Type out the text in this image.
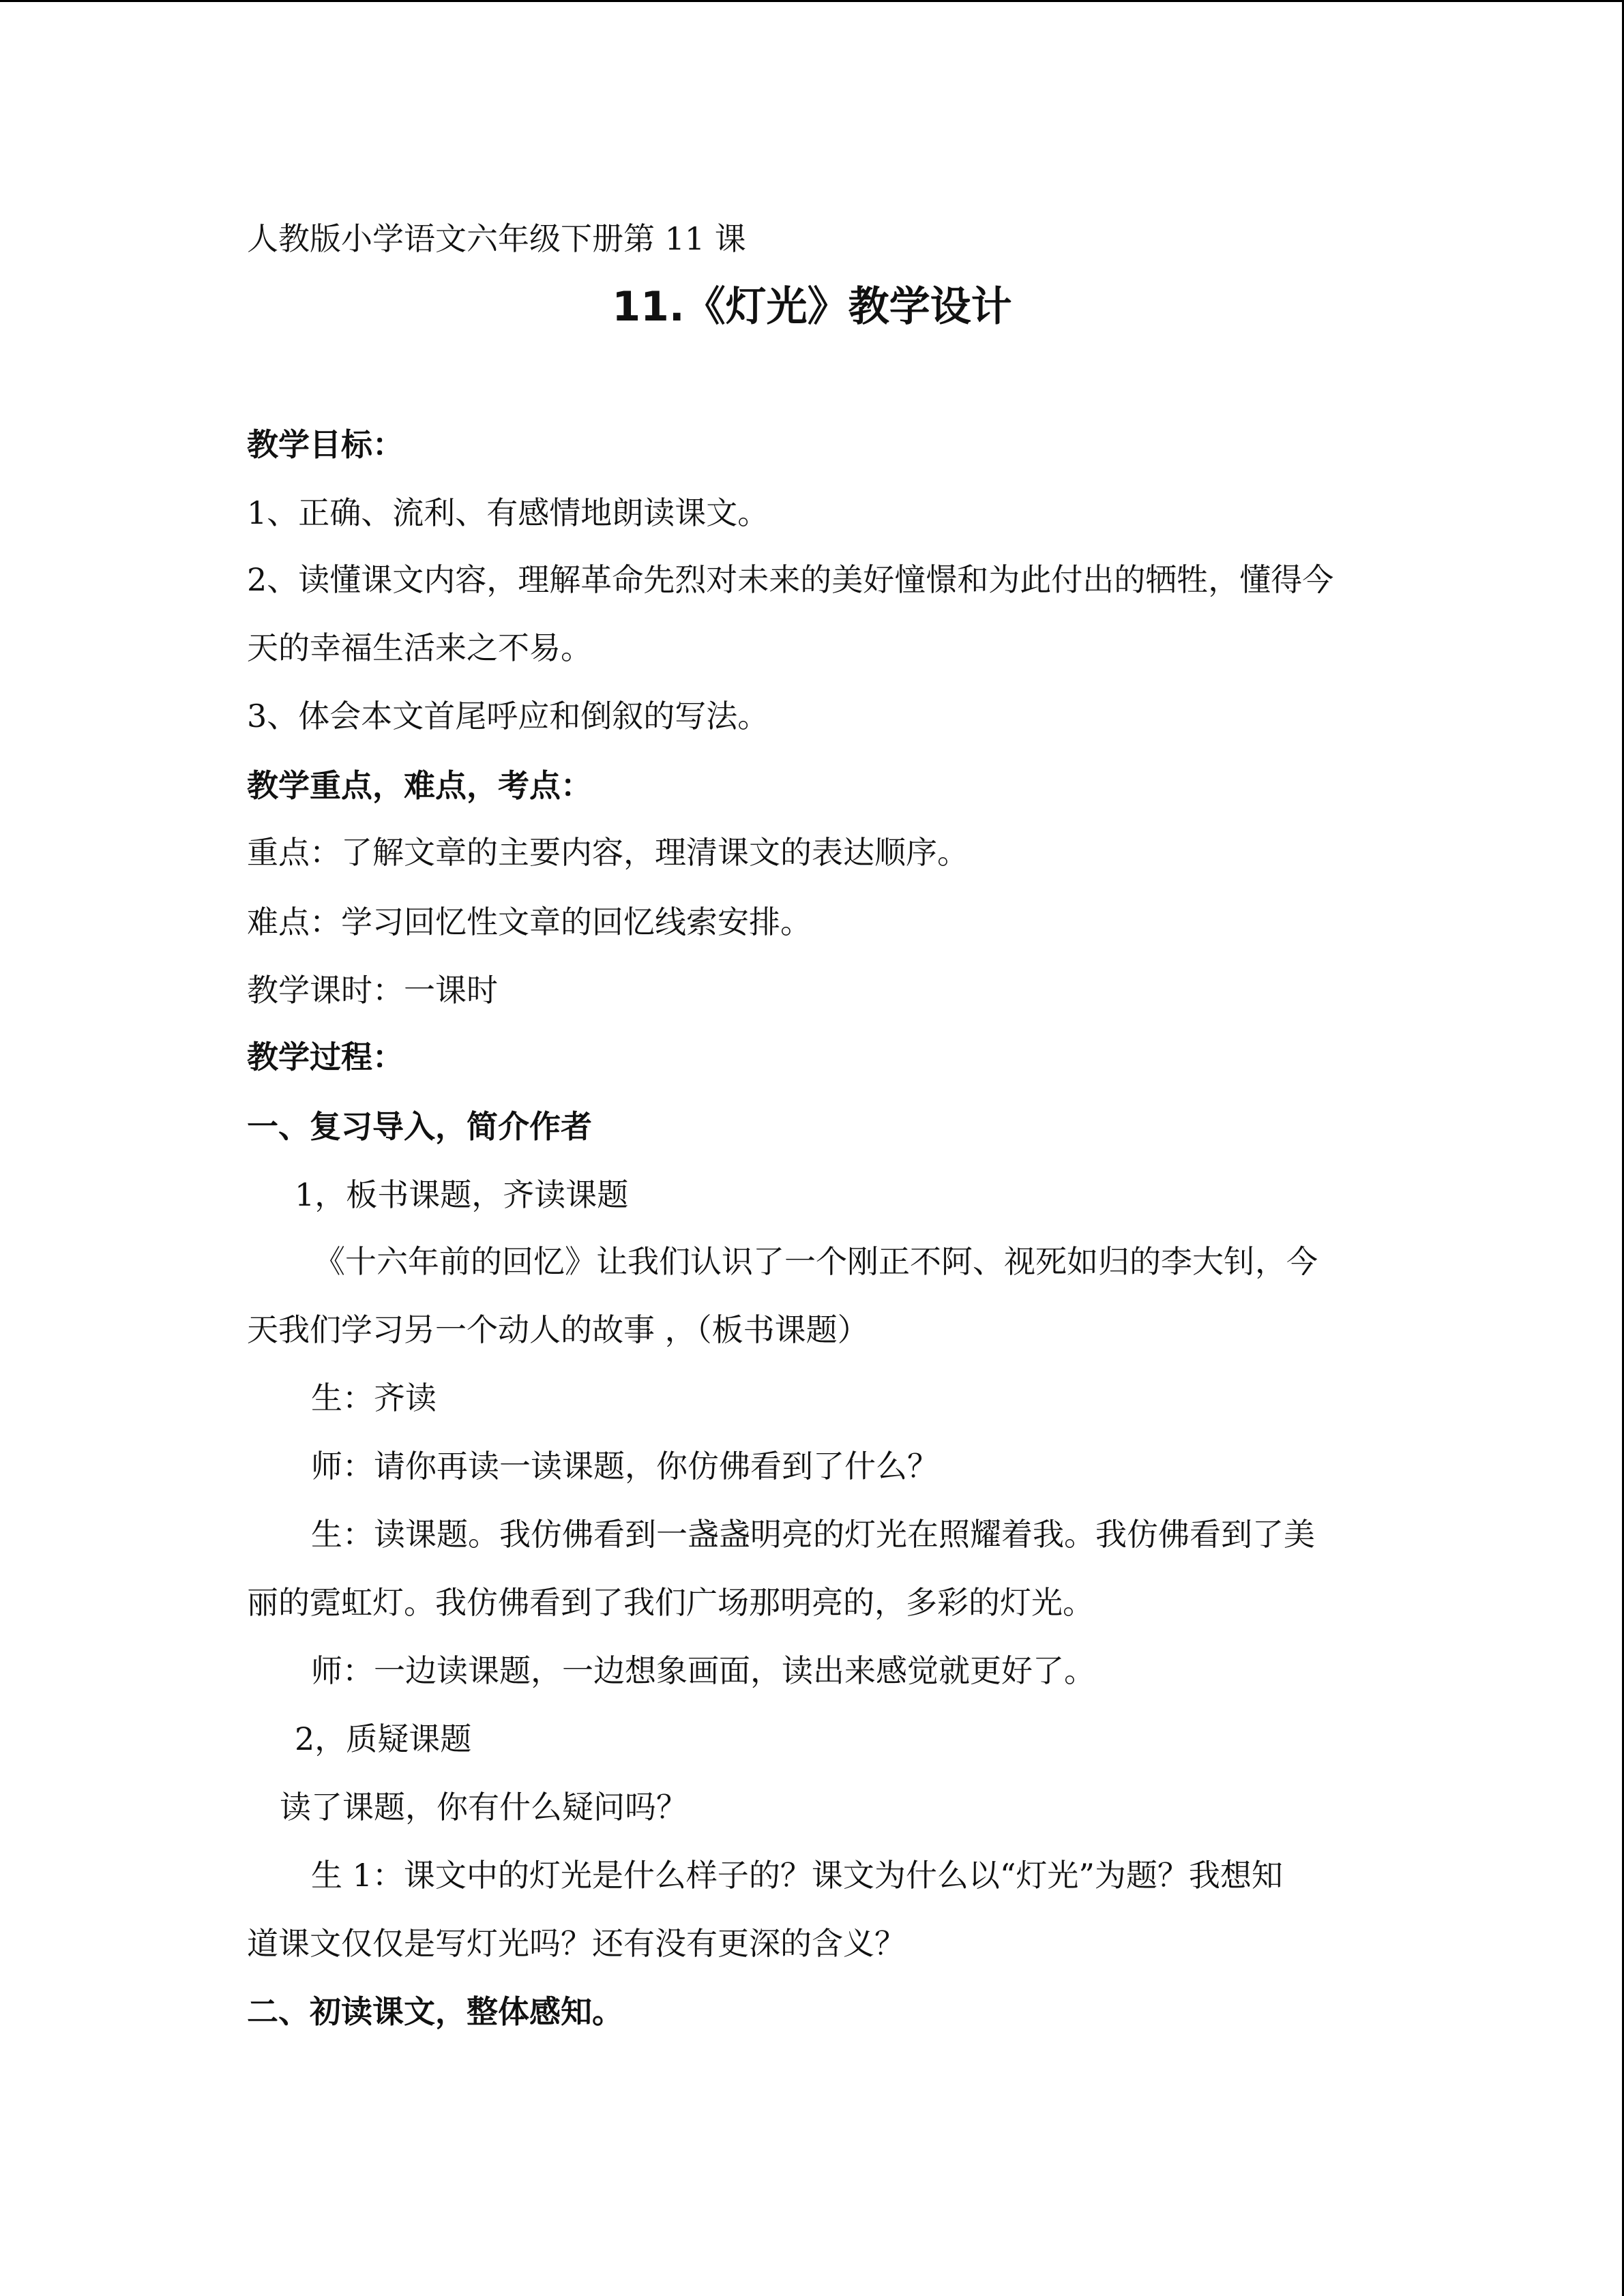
人教版小学语文六年级下册第 11 课
11.《灯光》教学设计
教学目标：
1、正确、流利、有感情地朗读课文。
2、读懂课文内容，理解革命先烈对未来的美好憧憬和为此付出的牺牲，懂得今
天的幸福生活来之不易。
3、体会本文首尾呼应和倒叙的写法。
教学重点，难点，考点：
重点：了解文章的主要内容，理清课文的表达顺序。
难点：学习回忆性文章的回忆线索安排。
教学课时：一课时
教学过程：
一、复习导入，简介作者
1，板书课题，齐读课题
《十六年前的回忆》让我们认识了一个刚正不阿、视死如归的李大钊，今
天我们学习另一个动人的故事 ，（板书课题）
生：齐读
师：请你再读一读课题，你仿佛看到了什么？
生：读课题。我仿佛看到一盏盏明亮的灯光在照耀着我。我仿佛看到了美
丽的霓虹灯。我仿佛看到了我们广场那明亮的，多彩的灯光。
师：一边读课题，一边想象画面，读出来感觉就更好了。
2，质疑课题
读了课题，你有什么疑问吗？
生 1：课文中的灯光是什么样子的？课文为什么以“灯光”为题？我想知
道课文仅仅是写灯光吗？还有没有更深的含义？
二、初读课文，整体感知。
